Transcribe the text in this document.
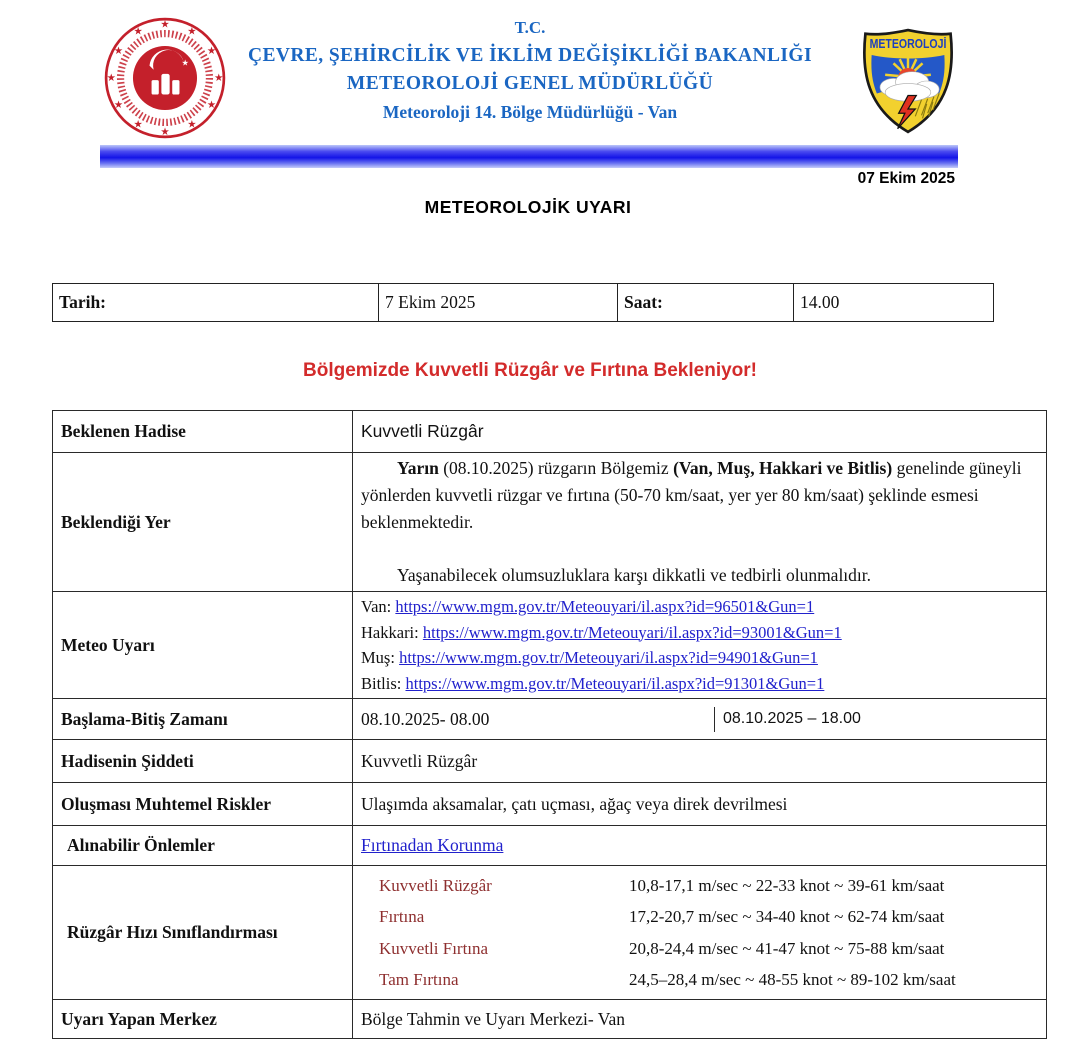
★
★
★
★
★
★
★
★
★
★
★
★
★
T.C.
ÇEVRE, ŞEHİRCİLİK VE İKLİM DEĞİŞİKLİĞİ BAKANLIĞI
METEOROLOJİ GENEL MÜDÜRLÜĞÜ
Meteoroloji 14. Bölge Müdürlüğü - Van
METEOROLOJİ
07 Ekim 2025
METEOROLOJİK UYARI
Tarih:	7 Ekim 2025	Saat:	14.00
Bölgemizde Kuvvetli Rüzgâr ve Fırtına Bekleniyor!
Beklenen Hadise	Kuvvetli Rüzgâr
Beklendiği Yer	Yarın (08.10.2025) rüzgarın Bölgemiz (Van, Muş, Hakkari ve Bitlis) genelinde güneyli yönlerden kuvvetli rüzgar ve fırtına (50-70 km/saat, yer yer 80 km/saat) şeklinde esmesi beklenmektedir.
Yaşanabilecek olumsuzluklara karşı dikkatli ve tedbirli olunmalıdır.

Meteo Uyarı	Van: https://www.mgm.gov.tr/Meteouyari/il.aspx?id=96501&Gun=1
Hakkari: https://www.mgm.gov.tr/Meteouyari/il.aspx?id=93001&Gun=1
Muş: https://www.mgm.gov.tr/Meteouyari/il.aspx?id=94901&Gun=1
Bitlis: https://www.mgm.gov.tr/Meteouyari/il.aspx?id=91301&Gun=1

Başlama-Bitiş Zamanı	08.10.2025- 08.00 08.10.2025 – 18.00

Hadisenin Şiddeti	Kuvvetli Rüzgâr
Oluşması Muhtemel Riskler	Ulaşımda aksamalar, çatı uçması, ağaç veya direk devrilmesi
Alınabilir Önlemler	Fırtınadan Korunma
Rüzgâr Hızı Sınıflandırması	
Kuvvetli Rüzgâr	10,8-17,1 m/sec ~ 22-33 knot ~ 39-61 km/saat
Fırtına	17,2-20,7 m/sec ~ 34-40 knot ~ 62-74 km/saat
Kuvvetli Fırtına	20,8-24,4 m/sec ~ 41-47 knot ~ 75-88 km/saat
Tam Fırtına	24,5–28,4 m/sec ~ 48-55 knot ~ 89-102 km/saat

Uyarı Yapan Merkez	Bölge Tahmin ve Uyarı Merkezi- Van
